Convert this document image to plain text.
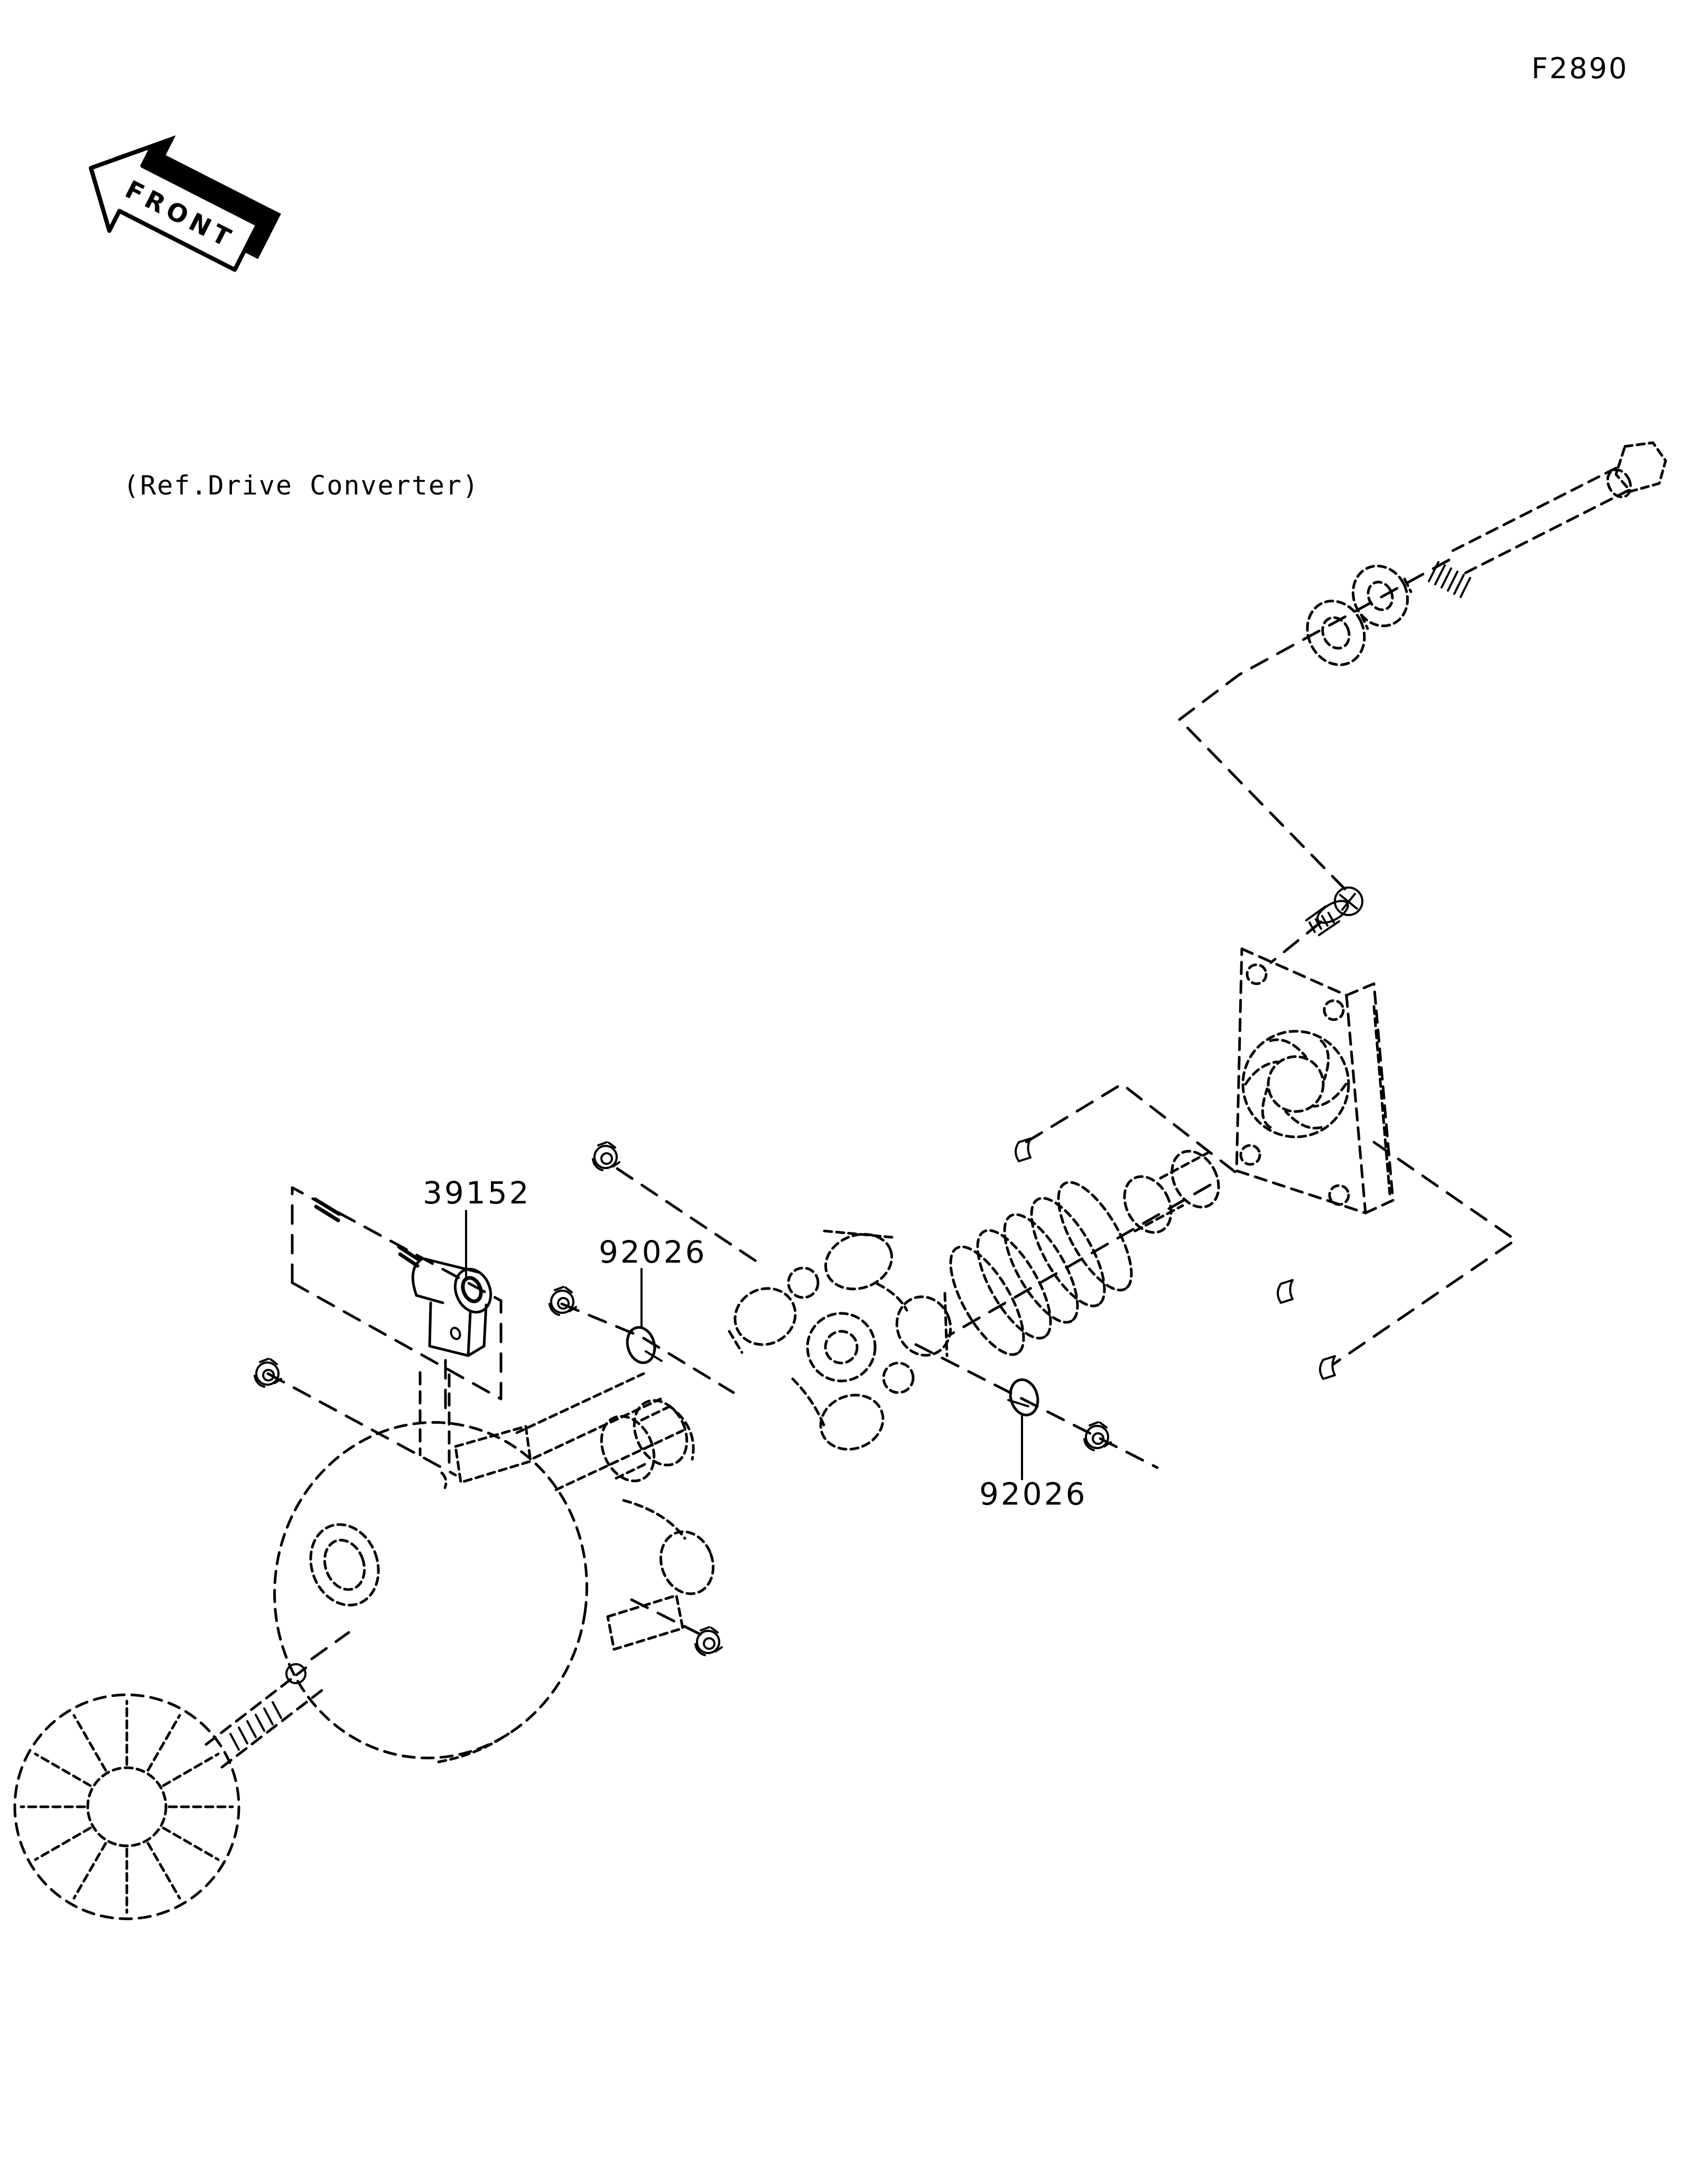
F2890
FRONT
(Ref.Drive Converter)
39152
92026
92026
